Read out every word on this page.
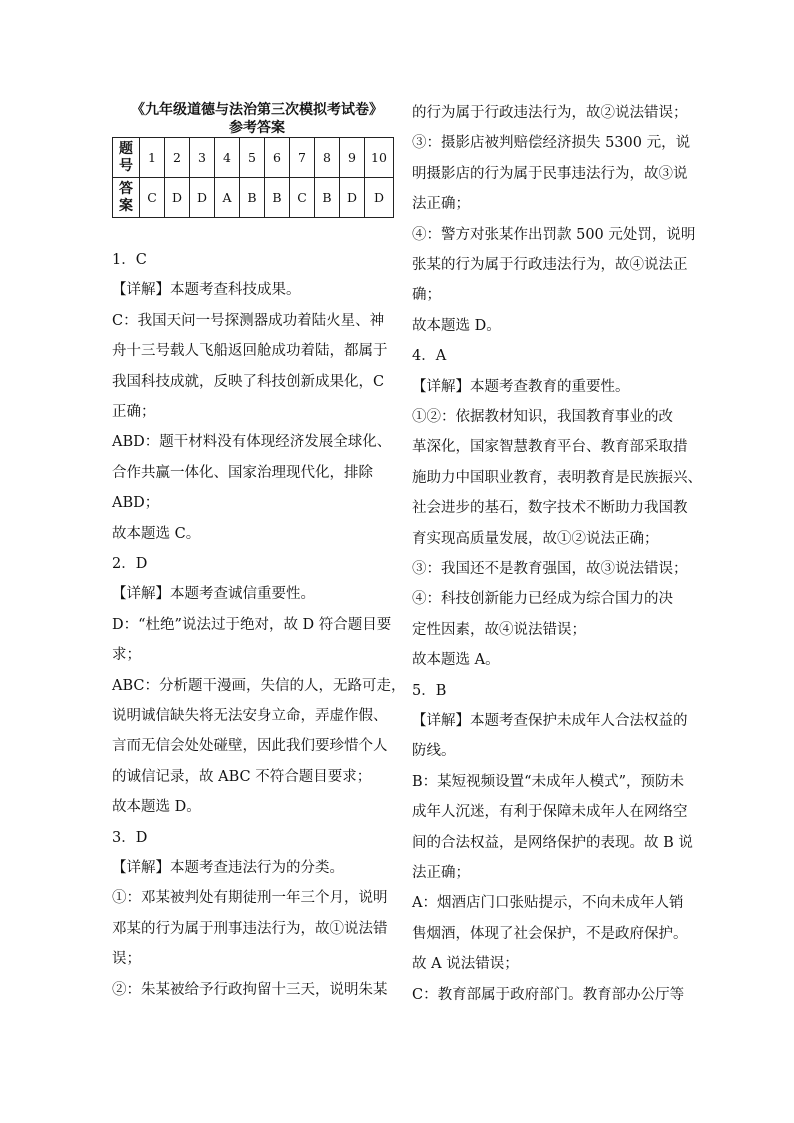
《九年级道德与法治第三次模拟考试卷》
参考答案
题
号	1	2	3	4	5	6	7	8	9	10
答
案	C	D	D	A	B	B	C	B	D	D
1．C
【详解】本题考查科技成果。
C：我国天问一号探测器成功着陆火星、神
舟十三号载人飞船返回舱成功着陆，都属于
我国科技成就，反映了科技创新成果化，C
正确；
ABD：题干材料没有体现经济发展全球化、
合作共赢一体化、国家治理现代化，排除
ABD；
故本题选 C。
2．D
【详解】本题考查诚信重要性。
D：“杜绝”说法过于绝对，故 D 符合题目要
求；
ABC：分析题干漫画，失信的人，无路可走，
说明诚信缺失将无法安身立命，弄虚作假、
言而无信会处处碰壁，因此我们要珍惜个人
的诚信记录，故 ABC 不符合题目要求；
故本题选 D。
3．D
【详解】本题考查违法行为的分类。
①：邓某被判处有期徒刑一年三个月，说明
邓某的行为属于刑事违法行为，故①说法错
误；
②：朱某被给予行政拘留十三天，说明朱某
的行为属于行政违法行为，故②说法错误；
③：摄影店被判赔偿经济损失 5300 元，说
明摄影店的行为属于民事违法行为，故③说
法正确；
④：警方对张某作出罚款 500 元处罚，说明
张某的行为属于行政违法行为，故④说法正
确；
故本题选 D。
4．A
【详解】本题考查教育的重要性。
①②：依据教材知识，我国教育事业的改
革深化，国家智慧教育平台、教育部采取措
施助力中国职业教育，表明教育是民族振兴、
社会进步的基石，数字技术不断助力我国教
育实现高质量发展，故①②说法正确；
③：我国还不是教育强国，故③说法错误；
④：科技创新能力已经成为综合国力的决
定性因素，故④说法错误；
故本题选 A。
5．B
【详解】本题考查保护未成年人合法权益的
防线。
B：某短视频设置“未成年人模式”，预防未
成年人沉迷，有利于保障未成年人在网络空
间的合法权益，是网络保护的表现。故 B 说
法正确；
A：烟酒店门口张贴提示，不向未成年人销
售烟酒，体现了社会保护，不是政府保护。
故 A 说法错误；
C：教育部属于政府部门。教育部办公厅等
